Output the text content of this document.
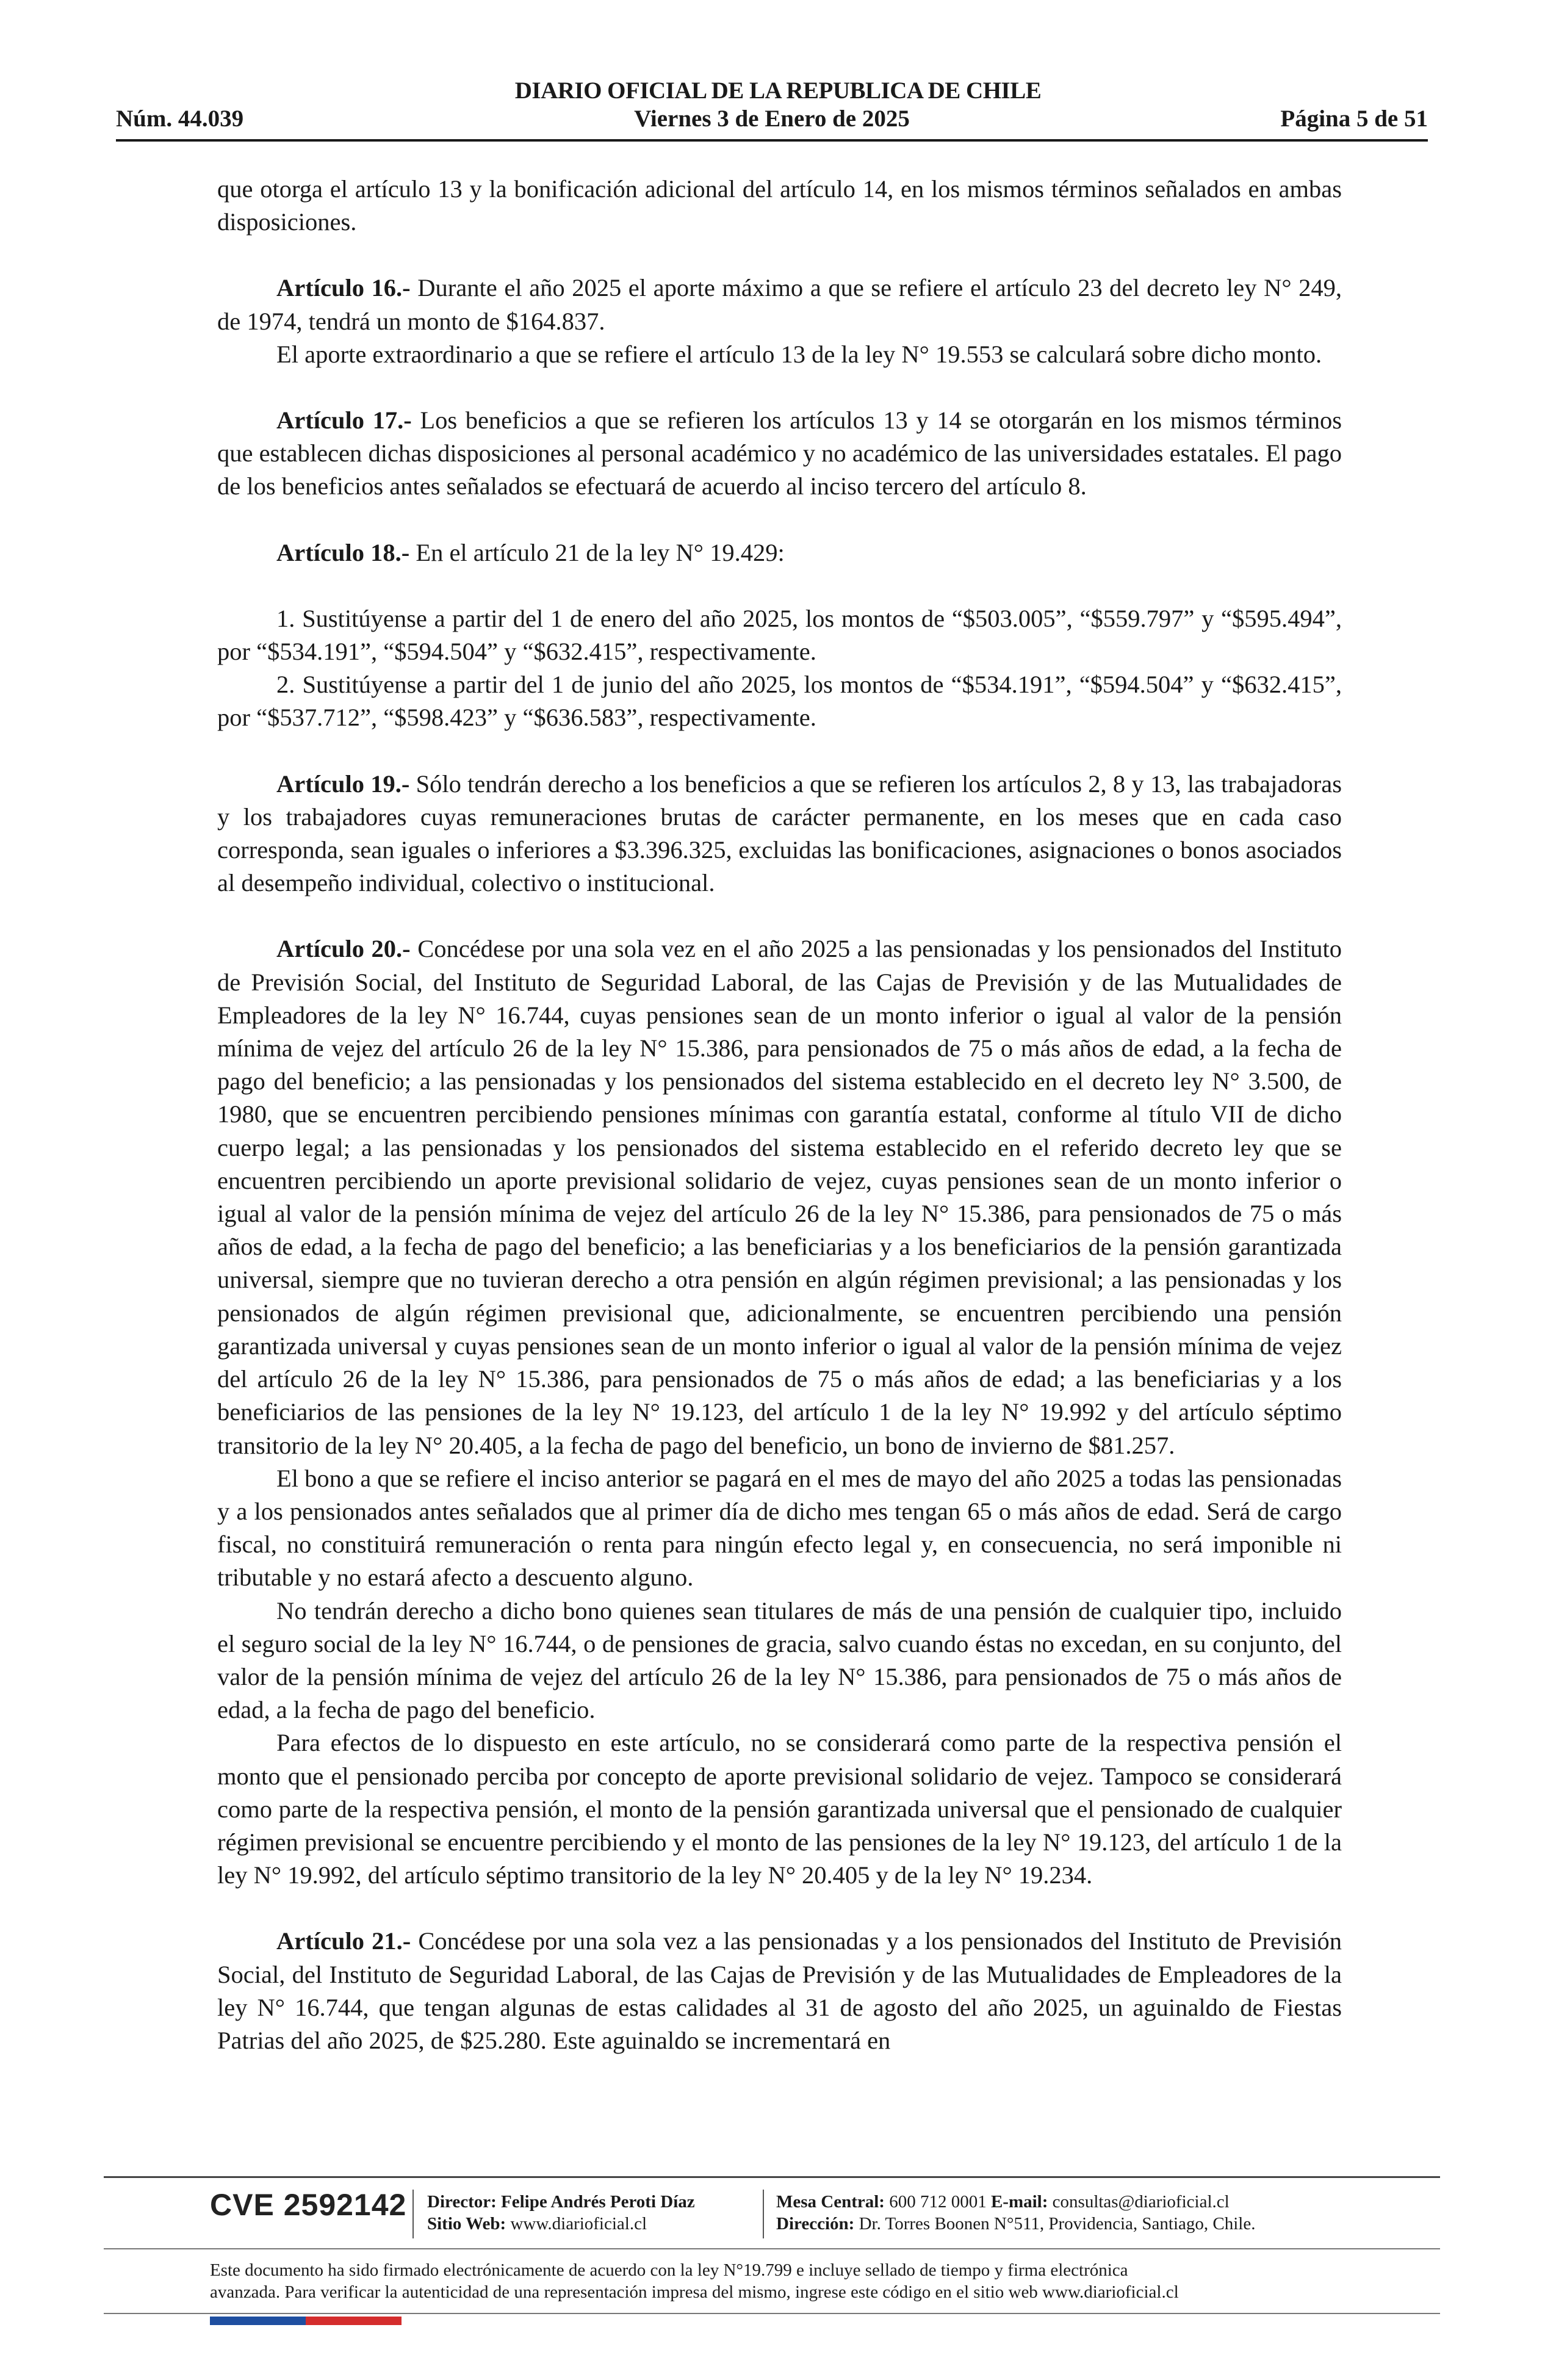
DIARIO OFICIAL DE LA REPUBLICA DE CHILE
Núm. 44.039	Viernes 3 de Enero de 2025	Página 5 de 51

que otorga el artículo 13 y la bonificación adicional del artículo 14, en los mismos términos señalados en ambas disposiciones.

Artículo 16.- Durante el año 2025 el aporte máximo a que se refiere el artículo 23 del decreto ley N° 249, de 1974, tendrá un monto de $164.837.

El aporte extraordinario a que se refiere el artículo 13 de la ley N° 19.553 se calculará sobre dicho monto.

Artículo 17.- Los beneficios a que se refieren los artículos 13 y 14 se otorgarán en los mismos términos que establecen dichas disposiciones al personal académico y no académico de las universidades estatales. El pago de los beneficios antes señalados se efectuará de acuerdo al inciso tercero del artículo 8.

Artículo 18.- En el artículo 21 de la ley N° 19.429:

1. Sustitúyense a partir del 1 de enero del año 2025, los montos de “$503.005”, “$559.797” y “$595.494”, por “$534.191”, “$594.504” y “$632.415”, respectivamente.

2. Sustitúyense a partir del 1 de junio del año 2025, los montos de “$534.191”, “$594.504” y “$632.415”, por “$537.712”, “$598.423” y “$636.583”, respectivamente.

Artículo 19.- Sólo tendrán derecho a los beneficios a que se refieren los artículos 2, 8 y 13, las trabajadoras y los trabajadores cuyas remuneraciones brutas de carácter permanente, en los meses que en cada caso corresponda, sean iguales o inferiores a $3.396.325, excluidas las bonificaciones, asignaciones o bonos asociados al desempeño individual, colectivo o institucional.

Artículo 20.- Concédese por una sola vez en el año 2025 a las pensionadas y los pensionados del Instituto de Previsión Social, del Instituto de Seguridad Laboral, de las Cajas de Previsión y de las Mutualidades de Empleadores de la ley N° 16.744, cuyas pensiones sean de un monto inferior o igual al valor de la pensión mínima de vejez del artículo 26 de la ley N° 15.386, para pensionados de 75 o más años de edad, a la fecha de pago del beneficio; a las pensionadas y los pensionados del sistema establecido en el decreto ley N° 3.500, de 1980, que se encuentren percibiendo pensiones mínimas con garantía estatal, conforme al título VII de dicho cuerpo legal; a las pensionadas y los pensionados del sistema establecido en el referido decreto ley que se encuentren percibiendo un aporte previsional solidario de vejez, cuyas pensiones sean de un monto inferior o igual al valor de la pensión mínima de vejez del artículo 26 de la ley N° 15.386, para pensionados de 75 o más años de edad, a la fecha de pago del beneficio; a las beneficiarias y a los beneficiarios de la pensión garantizada universal, siempre que no tuvieran derecho a otra pensión en algún régimen previsional; a las pensionadas y los pensionados de algún régimen previsional que, adicionalmente, se encuentren percibiendo una pensión garantizada universal y cuyas pensiones sean de un monto inferior o igual al valor de la pensión mínima de vejez del artículo 26 de la ley N° 15.386, para pensionados de 75 o más años de edad; a las beneficiarias y a los beneficiarios de las pensiones de la ley N° 19.123, del artículo 1 de la ley N° 19.992 y del artículo séptimo transitorio de la ley N° 20.405, a la fecha de pago del beneficio, un bono de invierno de $81.257.

El bono a que se refiere el inciso anterior se pagará en el mes de mayo del año 2025 a todas las pensionadas y a los pensionados antes señalados que al primer día de dicho mes tengan 65 o más años de edad. Será de cargo fiscal, no constituirá remuneración o renta para ningún efecto legal y, en consecuencia, no será imponible ni tributable y no estará afecto a descuento alguno.

No tendrán derecho a dicho bono quienes sean titulares de más de una pensión de cualquier tipo, incluido el seguro social de la ley N° 16.744, o de pensiones de gracia, salvo cuando éstas no excedan, en su conjunto, del valor de la pensión mínima de vejez del artículo 26 de la ley N° 15.386, para pensionados de 75 o más años de edad, a la fecha de pago del beneficio.

Para efectos de lo dispuesto en este artículo, no se considerará como parte de la respectiva pensión el monto que el pensionado perciba por concepto de aporte previsional solidario de vejez. Tampoco se considerará como parte de la respectiva pensión, el monto de la pensión garantizada universal que el pensionado de cualquier régimen previsional se encuentre percibiendo y el monto de las pensiones de la ley N° 19.123, del artículo 1 de la ley N° 19.992, del artículo séptimo transitorio de la ley N° 20.405 y de la ley N° 19.234.

Artículo 21.- Concédese por una sola vez a las pensionadas y a los pensionados del Instituto de Previsión Social, del Instituto de Seguridad Laboral, de las Cajas de Previsión y de las Mutualidades de Empleadores de la ley N° 16.744, que tengan algunas de estas calidades al 31 de agosto del año 2025, un aguinaldo de Fiestas Patrias del año 2025, de $25.280. Este aguinaldo se incrementará en

CVE 2592142 Director: Felipe Andrés Peroti Díaz
Sitio Web: www.diarioficial.cl
Mesa Central: 600 712 0001 E-mail: consultas@diarioficial.cl
Dirección: Dr. Torres Boonen N°511, Providencia, Santiago, Chile.
Este documento ha sido firmado electrónicamente de acuerdo con la ley N°19.799 e incluye sellado de tiempo y firma electrónica
avanzada. Para verificar la autenticidad de una representación impresa del mismo, ingrese este código en el sitio web www.diarioficial.cl
